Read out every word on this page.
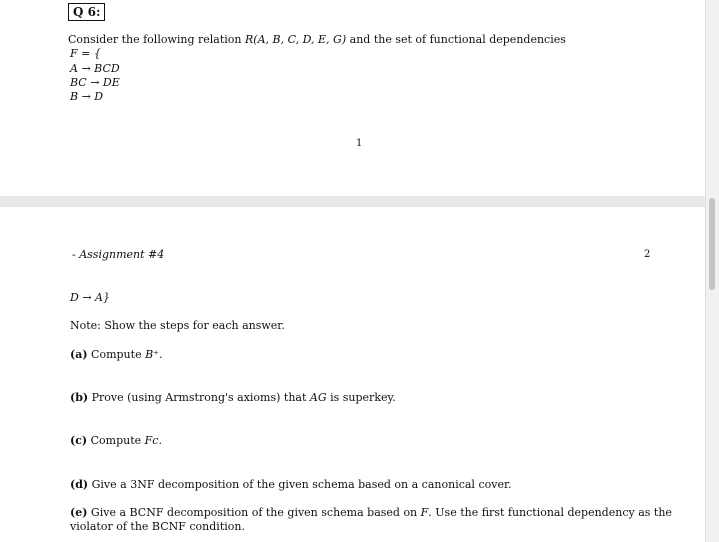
Q 6:
Consider the following relation R(A, B, C, D, E, G) and the set of functional dependencies
F = {
A → BCD
BC → DE
B → D
1
- Assignment #4	2
D → A}
Note: Show the steps for each answer.
(a) Compute B⁺.
(b) Prove (using Armstrong's axioms) that AG is superkey.
(c) Compute Fc.
(d) Give a 3NF decomposition of the given schema based on a canonical cover.
(e) Give a BCNF decomposition of the given schema based on F. Use the first functional dependency as the
violator of the BCNF condition.
